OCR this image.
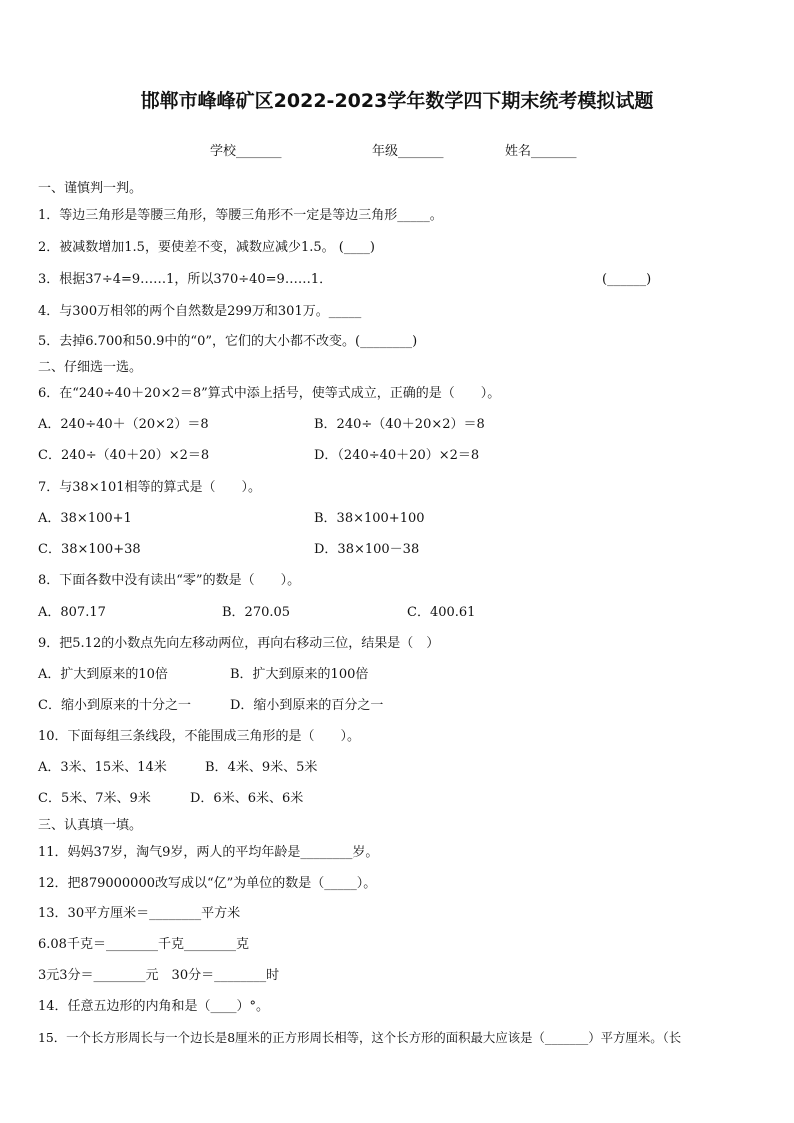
邯郸市峰峰矿区2022-2023学年数学四下期末统考模拟试题
学校_______	年级_______	姓名_______
一、谨慎判一判。
1．等边三角形是等腰三角形，等腰三角形不一定是等边三角形_____。
2．被减数增加1.5，要使差不变，减数应减少1.5。 (____)
3．根据37÷4=9……1，所以370÷40=9……1．	(______)
4．与300万相邻的两个自然数是299万和301万。_____
5．去掉6.700和50.9中的“0”，它们的大小都不改变。(________)
二、仔细选一选。
6．在“240÷40＋20×2＝8”算式中添上括号，使等式成立，正确的是（　　）。
A．240÷40＋（20×2）＝8	B．240÷（40＋20×2）＝8
C．240÷（40＋20）×2＝8	D．（240÷40＋20）×2＝8
7．与38×101相等的算式是（　　）。
A．38×100+1	B．38×100+100
C．38×100+38	D．38×100－38
8．下面各数中没有读出“零”的数是（　　）。
A．807.17	B．270.05	C．400.61
9．把5.12的小数点先向左移动两位，再向右移动三位，结果是（　）
A．扩大到原来的10倍	B．扩大到原来的100倍
C．缩小到原来的十分之一	D．缩小到原来的百分之一
10．下面每组三条线段，不能围成三角形的是（　　）。
A．3米、15米、14米	B．4米、9米、5米
C．5米、7米、9米	D．6米、6米、6米
三、认真填一填。
11．妈妈37岁，淘气9岁，两人的平均年龄是________岁。
12．把879000000改写成以“亿”为单位的数是（_____）。
13．30平方厘米＝________平方米
6.08千克＝________千克________克
3元3分＝________元　30分＝________时
14．任意五边形的内角和是（____）°。
15．一个长方形周长与一个边长是8厘米的正方形周长相等，这个长方形的面积最大应该是（_______）平方厘米。（长
